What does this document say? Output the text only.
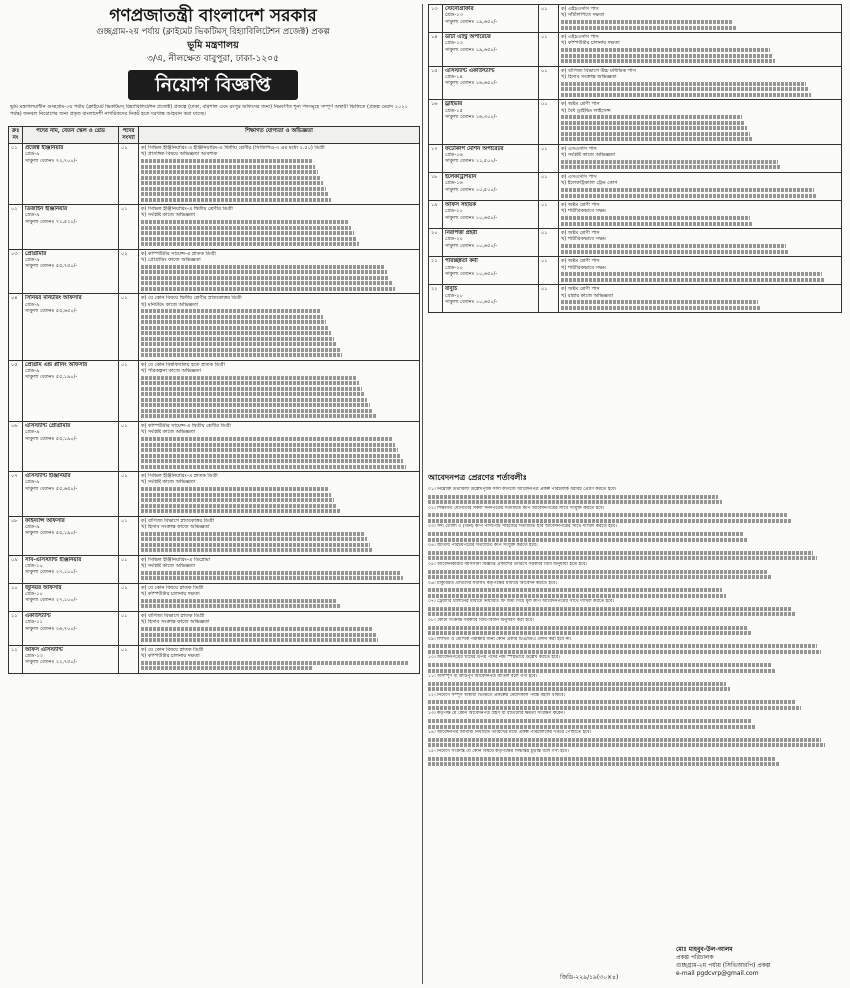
গণপ্রজাতন্ত্রী বাংলাদেশ সরকার
গুচ্ছগ্রাম-২য় পর্যায় (ক্লাইমেট ভিকটিমস্ রিহ্যাবিলিটেশন প্রজেক্ট) প্রকল্প
ভূমি মন্ত্রণালয়
৩/এ, নীলক্ষেত বাবুপুরা, ঢাকা-১২০৫
নিয়োগ বিজ্ঞপ্তি
ভূমি মন্ত্রণালয়াধীন গুচ্ছগ্রাম-২য় পর্যায় (ক্লাইমেট ভিকটিমস্ রিহ্যাবিলিটেশন প্রজেক্ট) প্রকল্পে (ঢাকা, বরিশাল এবং রংপুর অফিসের জন্য) নিম্নবর্ণিত শূন্য পদসমূহে সম্পূর্ণ অস্থায়ী ভিত্তিতে (প্রকল্প মেয়াদ ২০২০ পর্যন্ত) জনবল নিয়োগের জন্য প্রকৃত বাংলাদেশী নাগরিকদের নিকট হতে দরখাস্ত আহবান করা যাচ্ছে।
ক্রঃ নং	পদের নাম, বেতন স্কেল ও গ্রেড	পদের সংখ্যা	শিক্ষাগত যোগ্যতা ও অভিজ্ঞতা
০১	প্রজেক্ট ইঞ্জিনিয়ার
গ্রেড-৯
সাকুল্য বেতনঃ ৭২,৭০০/-	০১	ক) সিভিল ইঞ্জিনিয়ারিং এ ইঞ্জিনিয়ারিং-এ দ্বিতীয় শ্রেণীর (সিজিপিএ-৩ এর মধ্যে ২.৫০) ডিগ্রী
খ) প্রাসঙ্গিক বিষয়ে অভিজ্ঞতা আবশ্যক

০২	ডিজাইন ইঞ্জিনিয়ার
গ্রেড-৯
সাকুল্য বেতনঃ ৭১,৫২০/-	০১	ক) সিভিল ইঞ্জিনিয়ারিং-এ দ্বিতীয় শ্রেণীর ডিগ্রী
খ) সংশ্লিষ্ট কাজে অভিজ্ঞতা

০৩	প্রোগ্রামার
গ্রেড-৯
সাকুল্য বেতনঃ ৫৫,৭৫০/-	০১	ক) কম্পিউটার সায়েন্স-এ স্নাতক ডিগ্রী
খ) প্রোগ্রামিং কাজে অভিজ্ঞতা

০৪	সিনিয়র মনিটরিং অফিসার
গ্রেড-৯
সাকুল্য বেতনঃ ৫৫,৬৫০/-	০১	ক) যে কোন বিষয়ে দ্বিতীয় শ্রেণীর স্নাতকোত্তর ডিগ্রী
খ) মনিটরিং কাজে অভিজ্ঞতা

০৫	প্রোগ্রাম এন্ড প্লানিং অফিসার
গ্রেড-৯
সাকুল্য বেতনঃ ৫৫,১৯০/-	০১	ক) যে কোন বিশ্ববিদ্যালয় হতে স্নাতক ডিগ্রী
খ) পরিকল্পনা কাজে অভিজ্ঞতা

০৬	এসিস্ট্যান্ট প্রোগ্রামার
গ্রেড-৯
সাকুল্য বেতনঃ ৫৫,১৯০/-	০১	ক) কম্পিউটার সায়েন্স-এ দ্বিতীয় শ্রেণীর ডিগ্রী
খ) সংশ্লিষ্ট কাজে অভিজ্ঞতা

০৭	এসিস্ট্যান্ট ইঞ্জিনিয়ার
গ্রেড-৯
সাকুল্য বেতনঃ ৫৫,৬৫০/-	০১	ক) সিভিল ইঞ্জিনিয়ারিং-এ স্নাতক ডিগ্রী
খ) সংশ্লিষ্ট কাজে অভিজ্ঞতা

০৮	ফাইন্যান্স অফিসার
গ্রেড-৯
সাকুল্য বেতনঃ ৫৫,১৯০/-	০১	ক) বাণিজ্য বিভাগে স্নাতকোত্তর ডিগ্রী
খ) হিসাব সংক্রান্ত কাজে অভিজ্ঞতা

০৯	সাব-এসিস্ট্যান্ট ইঞ্জিনিয়ার
গ্রেড-১০
সাকুল্য বেতনঃ ২৭,১০০/-	০১	ক) সিভিল ইঞ্জিনিয়ারিং-এ ডিপ্লোমা
খ) সংশ্লিষ্ট কাজে অভিজ্ঞতা

১০	জুনিয়র অফিসার
গ্রেড-১০
সাকুল্য বেতনঃ ২৭,১০০/-	০১	ক) যে কোন বিষয়ে স্নাতক ডিগ্রী
খ) কম্পিউটার চালনায় দক্ষতা

১১	একাউন্ট্যান্ট
গ্রেড-১১
সাকুল্য বেতনঃ ২৬,৭০০/-	০১	ক) বাণিজ্য বিভাগে স্নাতক ডিগ্রী
খ) হিসাব সংক্রান্ত কাজে অভিজ্ঞতা

১২	অফিস এসিস্ট্যান্ট
গ্রেড-১৩
সাকুল্য বেতনঃ ২২,৭৫০/-	০১	ক) যে কোন বিষয়ে স্নাতক ডিগ্রী
খ) কম্পিউটার চালনায় দক্ষতা
১৩	স্টেনোগ্রাফার
গ্রেড-১৩
সাকুল্য বেতনঃ ১৯,৬৫০/-	০১	ক) এইচএসসি পাস
খ) সাঁটলিপিতে দক্ষতা

১৪	ডাটা এন্ট্রি অপারেটর
গ্রেড-১৩
সাকুল্য বেতনঃ ১৯,৬৫০/-	০১	ক) এইচএসসি পাস
খ) কম্পিউটার চালনায় দক্ষতা

১৫	এসিস্ট্যান্ট একাউন্ট্যান্ট
গ্রেড-১৪
সাকুল্য বেতনঃ ১৬,৬৫০/-	০১	ক) বাণিজ্য বিভাগে উচ্চ মাধ্যমিক পাস
খ) হিসাব সংক্রান্ত অভিজ্ঞতা

১৬	ড্রাইভার
গ্রেড-১৫
সাকুল্য বেতনঃ ১৬,৩০০/-	০১	ক) অষ্টম শ্রেণী পাস
খ) বৈধ ড্রাইভিং লাইসেন্স

১৭	ফটোকপি মেশিন অপারেটর
গ্রেড-১৬
সাকুল্য বেতনঃ ১১,৫০০/-	০১	ক) এসএসসি পাস
খ) সংশ্লিষ্ট কাজে অভিজ্ঞতা

১৮	ইলেকট্রিশিয়ান
গ্রেড-১৬
সাকুল্য বেতনঃ ১০,৫০০/-	০১	ক) এসএসসি পাস
খ) ইলেকট্রিক্যাল ট্রেড কোর্স

১৯	অফিস সহায়ক
গ্রেড-২০
সাকুল্য বেতনঃ ১০,৬৫০/-	০১	ক) অষ্টম শ্রেণী পাস
খ) শারীরিকভাবে সক্ষম

২০	নিরাপত্তা প্রহরী
গ্রেড-২০
সাকুল্য বেতনঃ ১০,৬৫০/-	০১	ক) অষ্টম শ্রেণী পাস
খ) শারীরিকভাবে সক্ষম

২১	পরিচ্ছন্নতা কর্মী
গ্রেড-২০
সাকুল্য বেতনঃ ১০,৬৫০/-	০১	ক) অষ্টম শ্রেণী পাস
খ) শারীরিকভাবে সক্ষম

২২	বাবুর্চি
গ্রেড-২০
সাকুল্য বেতনঃ ১০,৬৫০/-	০১	ক) অষ্টম শ্রেণী পাস
খ) রান্নার কাজে অভিজ্ঞতা
আবেদনপত্র প্রেরণের শর্তাবলীঃ
০১। নিম্নোক্ত তথ্যাবলী উল্লেখপূর্বক সাদা কাগজে আবেদনপত্র প্রকল্প পরিচালক বরাবর প্রেরণ করতে হবে।
০২। শিক্ষাগত যোগ্যতার সকল সনদপত্রের সত্যায়িত কপি আবেদনপত্রের সাথে সংযুক্ত করতে হবে।
০৩। সদ্য তোলা ৩ (তিন) কপি পাসপোর্ট সাইজের সত্যায়িত ছবি আবেদনপত্রের সাথে দাখিল করতে হবে।
০৪। জাতীয় পরিচয়পত্রের সত্যায়িত কপি সংযুক্ত করতে হবে।
০৫। আবেদনকারীর বয়সসীমা বিজ্ঞপ্তি প্রকাশের তারিখে সরকারি বিধি অনুযায়ী হতে হবে।
০৬। চাকুরিরত প্রার্থীদের যথাযথ কর্তৃপক্ষের মাধ্যমে আবেদন করতে হবে।
০৭। ট্রেজারি চালানের মাধ্যমে নির্ধারিত ফি জমা দিয়ে মূল কপি আবেদনপত্রের সাথে দাখিল করতে হবে।
০৮। কোটা সংক্রান্ত সরকারি বিধি-বিধান অনুসরণ করা হবে।
০৯। লিখিত ও মৌখিক পরীক্ষার জন্য কোন প্রকার টিএ/ডিএ প্রদান করা হবে না।
১০। আবেদনপত্রের খামের উপর পদের নাম স্পষ্টভাবে উল্লেখ করতে হবে।
১১। অসম্পূর্ণ বা ত্রুটিপূর্ণ আবেদনপত্র বাতিল বলে গণ্য হবে।
১২। নিয়োগ সম্পূর্ণ অস্থায়ী ভিত্তিতে প্রকল্পের মেয়াদকাল পর্যন্ত বহাল থাকবে।
১৩। কর্তৃপক্ষ যে কোন আবেদনপত্র গ্রহণ বা বাতিলের ক্ষমতা সংরক্ষণ করেন।
১৪। আবেদনপত্র আগামী নির্ধারিত তারিখের মধ্যে প্রকল্প পরিচালকের দপ্তরে পৌঁছাতে হবে।
১৫। নিয়োগ সংক্রান্ত যে কোন বিষয়ে কর্তৃপক্ষের সিদ্ধান্তই চূড়ান্ত বলে গণ্য হবে।
মোঃ মাহবুব-উল-আলম
প্রকল্প পরিচালক
গুচ্ছগ্রাম-২য় পর্যায় (সিভিআরপি) প্রকল্প
e-mail pgdcvrp@gmail.com
জিডি-২২৯/১৯(৩০×৪)
